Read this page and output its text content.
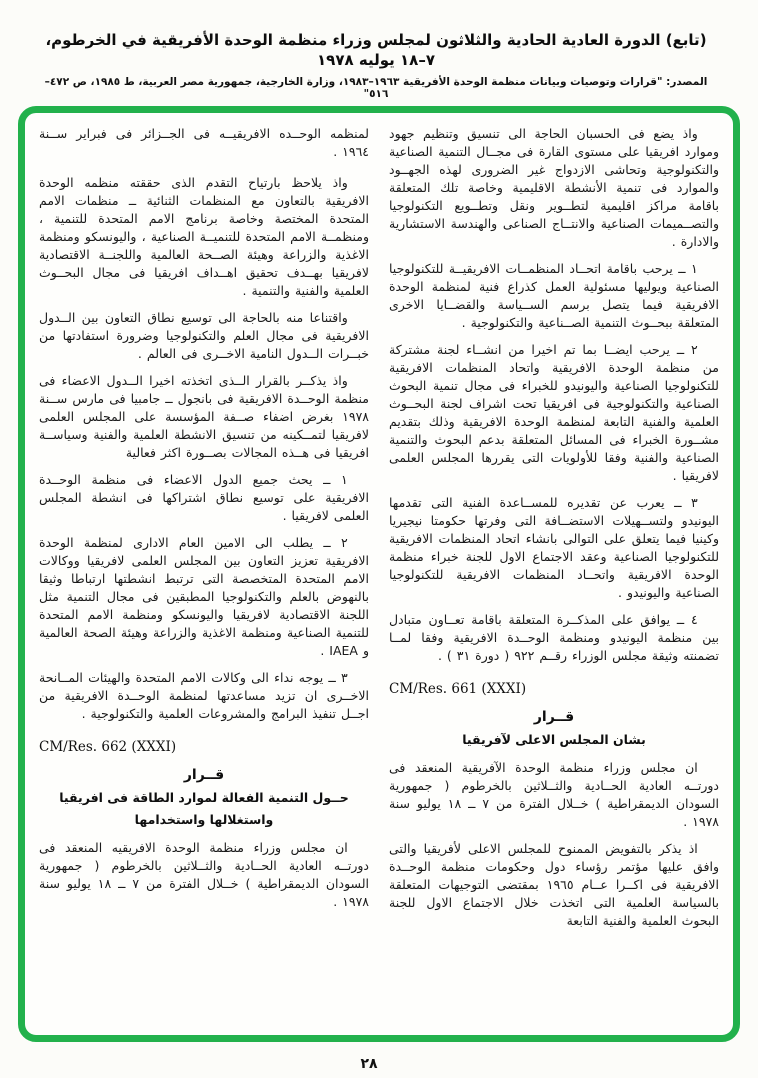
(تابع) الدورة العادية الحادية والثلاثون لمجلس وزراء منظمة الوحدة الأفريقية في الخرطوم، ٧–١٨ يوليه ١٩٧٨
المصدر: "قرارات وتوصيات وبيانات منظمة الوحدة الأفريقية ١٩٦٣–١٩٨٣، وزارة الخارجية، جمهورية مصر العربية، ط ١٩٨٥، ص ٤٧٢–٥١٦"

واذ يضع فى الحسبان الحاجة الى تنسيق وتنظيم جهود وموارد افريقيا على مستوى القارة فى مجــال التنمية الصناعية والتكنولوجية وتحاشى الازدواج غير الضرورى لهذه الجهــود والموارد فى تنمية الأنشطة الاقليمية وخاصة تلك المتعلقة باقامة مراكز اقليمية لتطــوير ونقل وتطــويع التكنولوجيا والتصــميمات الصناعية والانتــاج الصناعى والهندسة الاستشارية والادارة .

١ ــ يرحب باقامة اتحــاد المنظمــات الافريقيــة للتكنولوجيا الصناعية ويوليها مسئولية العمل كذراع فنية لمنظمة الوحدة الافريقية فيما يتصل برسم الســياسة والقضــايا الاخرى المتعلقة ببحــوث التنمية الصــناعية والتكنولوجية .

٢ ــ يرحب ايضــا بما تم اخيرا من انشــاء لجنة مشتركة من منظمة الوحدة الافريقية واتحاد المنظمات الافريقية للتكنولوجيا الصناعية واليونيدو للخبراء فى مجال تنمية البحوث الصناعية والتكنولوجية فى افريقيا تحت اشراف لجنة البحــوث العلمية والفنية التابعة لمنظمة الوحدة الافريقية وذلك بتقديم مشــورة الخبراء فى المسائل المتعلقة بدعم البحوث والتنمية الصناعية والفنية وفقا للأولويات التى يقررها المجلس العلمى لافريقيا .

٣ ــ يعرب عن تقديره للمســاعدة الفنية التى تقدمها اليونيدو ولتســهيلات الاستضــافة التى وفرتها حكومتا نيجيريا وكينيا فيما يتعلق على التوالى بانشاء اتحاد المنظمات الافريقية للتكنولوجيا الصناعية وعقد الاجتماع الاول للجنة خبراء منظمة الوحدة الافريقية واتحــاد المنظمات الافريقية للتكنولوجيا الصناعية واليونيدو .

٤ ــ يوافق على المذكــرة المتعلقة باقامة تعــاون متبادل بين منظمة اليونيدو ومنظمة الوحــدة الافريقية وفقا لمــا تضمنته وثيقة مجلس الوزراء رقــم ٩٢٢ ( دورة ٣١ ) .

CM/Res. 661 (XXXI)
قــرار
بشان المجلس الاعلى لآفريقيا

ان مجلس وزراء منظمة الوحدة الآفريقية المنعقد فى دورتــه العادية الحــادية والثــلاثين بالخرطوم ( جمهورية السودان الديمقراطية ) خــلال الفترة من ٧ ــ ١٨ يوليو سنة ١٩٧٨ .

اذ يذكر بالتفويض الممنوح للمجلس الاعلى لأفريقيا والتى وافق عليها مؤتمر رؤساء دول وحكومات منظمة الوحــدة الافريقية فى اكــرا عــام ١٩٦٥ بمقتضى التوجيهات المتعلقة بالسياسة العلمية التى اتخذت خلال الاجتماع الاول للجنة البحوث العلمية والفنية التابعة

لمنظمه الوحــده الافريقيــه فى الجــزائر فى فبراير ســنة ١٩٦٤ .

واذ يلاحظ بارتياح التقدم الذى حققته منظمه الوحدة الافريقية بالتعاون مع المنظمات الثنائية ــ منظمات الامم المتحدة المختصة وخاصة برنامج الامم المتحدة للتنمية ، ومنظمــة الامم المتحدة للتنميــة الصناعية ، واليونسكو ومنظمة الاغذية والزراعة وهيئة الصــحة العالمية واللجنــة الاقتصادية لافريقيا بهــدف تحقيق اهــداف افريقيا فى مجال البحــوث العلمية والفنية والتنمية .

واقتناعا منه بالحاجة الى توسيع نطاق التعاون بين الــدول الافريقية فى مجال العلم والتكنولوجيا وضرورة استفادتها من خبــرات الــدول النامية الاخــرى فى العالم .

واذ يذكــر بالقرار الــذى اتخذته اخيرا الــدول الاعضاء فى منظمة الوحــدة الافريقية فى بانجول ــ جامبيا فى مارس ســنة ١٩٧٨ بغرض اضفاء صــفة المؤسسة على المجلس العلمى لافريقيا لتمــكينه من تنسيق الانشطة العلمية والفنية وسياســة افريقيا فى هــذه المجالات بصــورة اكثر فعالية

١ ــ يحث جميع الدول الاعضاء فى منظمة الوحــدة الافريقية على توسيع نطاق اشتراكها فى انشطة المجلس العلمى لافريقيا .

٢ ــ يطلب الى الامين العام الادارى لمنظمة الوحدة الافريقية تعزيز التعاون بين المجلس العلمى لافريقيا ووكالات الامم المتحدة المتخصصة التى ترتبط انشطتها ارتباطا وثيقا بالنهوض بالعلم والتكنولوجيا المطبقين فى مجال التنمية مثل اللجنة الاقتصادية لافريقيا واليونسكو ومنظمة الامم المتحدة للتنمية الصناعية ومنظمة الاغذية والزراعة وهيئة الصحة العالمية و IAEA .

٣ ــ يوجه نداء الى وكالات الامم المتحدة والهيئات المــانحة الاخــرى ان تزيد مساعدتها لمنظمة الوحــدة الافريقية من اجــل تنفيذ البرامج والمشروعات العلمية والتكنولوجية .

CM/Res. 662 (XXXI)
قــرار
حــول التنمية الفعالة لموارد الطاقة فى افريقيا
واستغلالها واستخدامها

ان مجلس وزراء منظمة الوحدة الافريقيه المنعقد فى دورتــه العادية الحــادية والثــلاثين بالخرطوم ( جمهورية السودان الديمقراطية ) خــلال الفترة من ٧ ــ ١٨ يوليو سنة ١٩٧٨ .

٢٨
